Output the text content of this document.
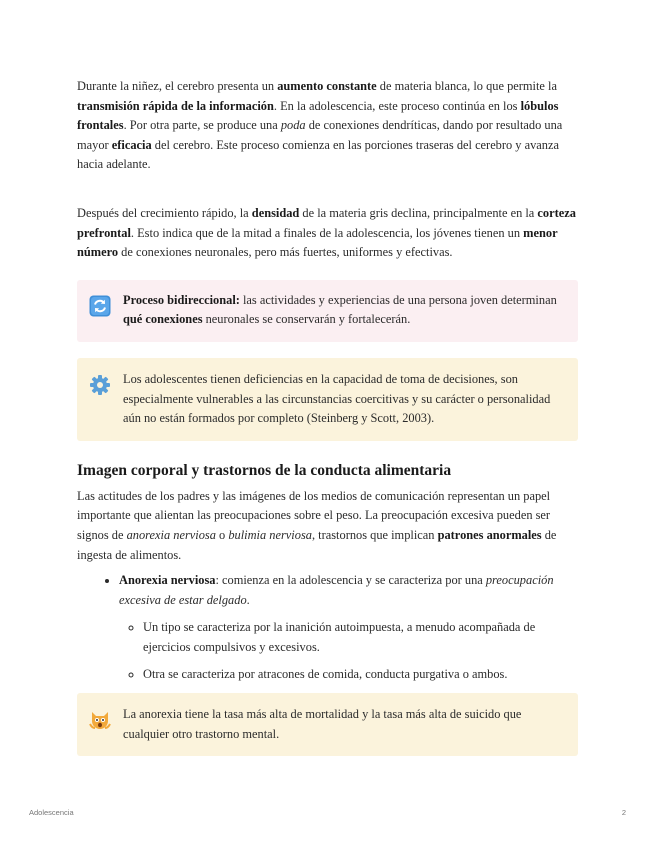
Durante la niñez, el cerebro presenta un aumento constante de materia blanca, lo que permite la transmisión rápida de la información. En la adolescencia, este proceso continúa en los lóbulos frontales. Por otra parte, se produce una poda de conexiones dendríticas, dando por resultado una mayor eficacia del cerebro. Este proceso comienza en las porciones traseras del cerebro y avanza hacia adelante.

Después del crecimiento rápido, la densidad de la materia gris declina, principalmente en la corteza prefrontal. Esto indica que de la mitad a finales de la adolescencia, los jóvenes tienen un menor número de conexiones neuronales, pero más fuertes, uniformes y efectivas.

Proceso bidireccional: las actividades y experiencias de una persona joven determinan qué conexiones neuronales se conservarán y fortalecerán.
Los adolescentes tienen deficiencias en la capacidad de toma de decisiones, son especialmente vulnerables a las circunstancias coercitivas y su carácter o personalidad aún no están formados por completo (Steinberg y Scott, 2003).
Imagen corporal y trastornos de la conducta alimentaria

Las actitudes de los padres y las imágenes de los medios de comunicación representan un papel importante que alientan las preocupaciones sobre el peso. La preocupación excesiva pueden ser signos de anorexia nerviosa o bulimia nerviosa, trastornos que implican patrones anormales de ingesta de alimentos.

• Anorexia nerviosa: comienza en la adolescencia y se caracteriza por una preocupación excesiva de estar delgado.
◦ Un tipo se caracteriza por la inanición autoimpuesta, a menudo acompañada de ejercicios compulsivos y excesivos.
◦ Otra se caracteriza por atracones de comida, conducta purgativa o ambos.
La anorexia tiene la tasa más alta de mortalidad y la tasa más alta de suicido que cualquier otro trastorno mental.
Adolescencia	2
